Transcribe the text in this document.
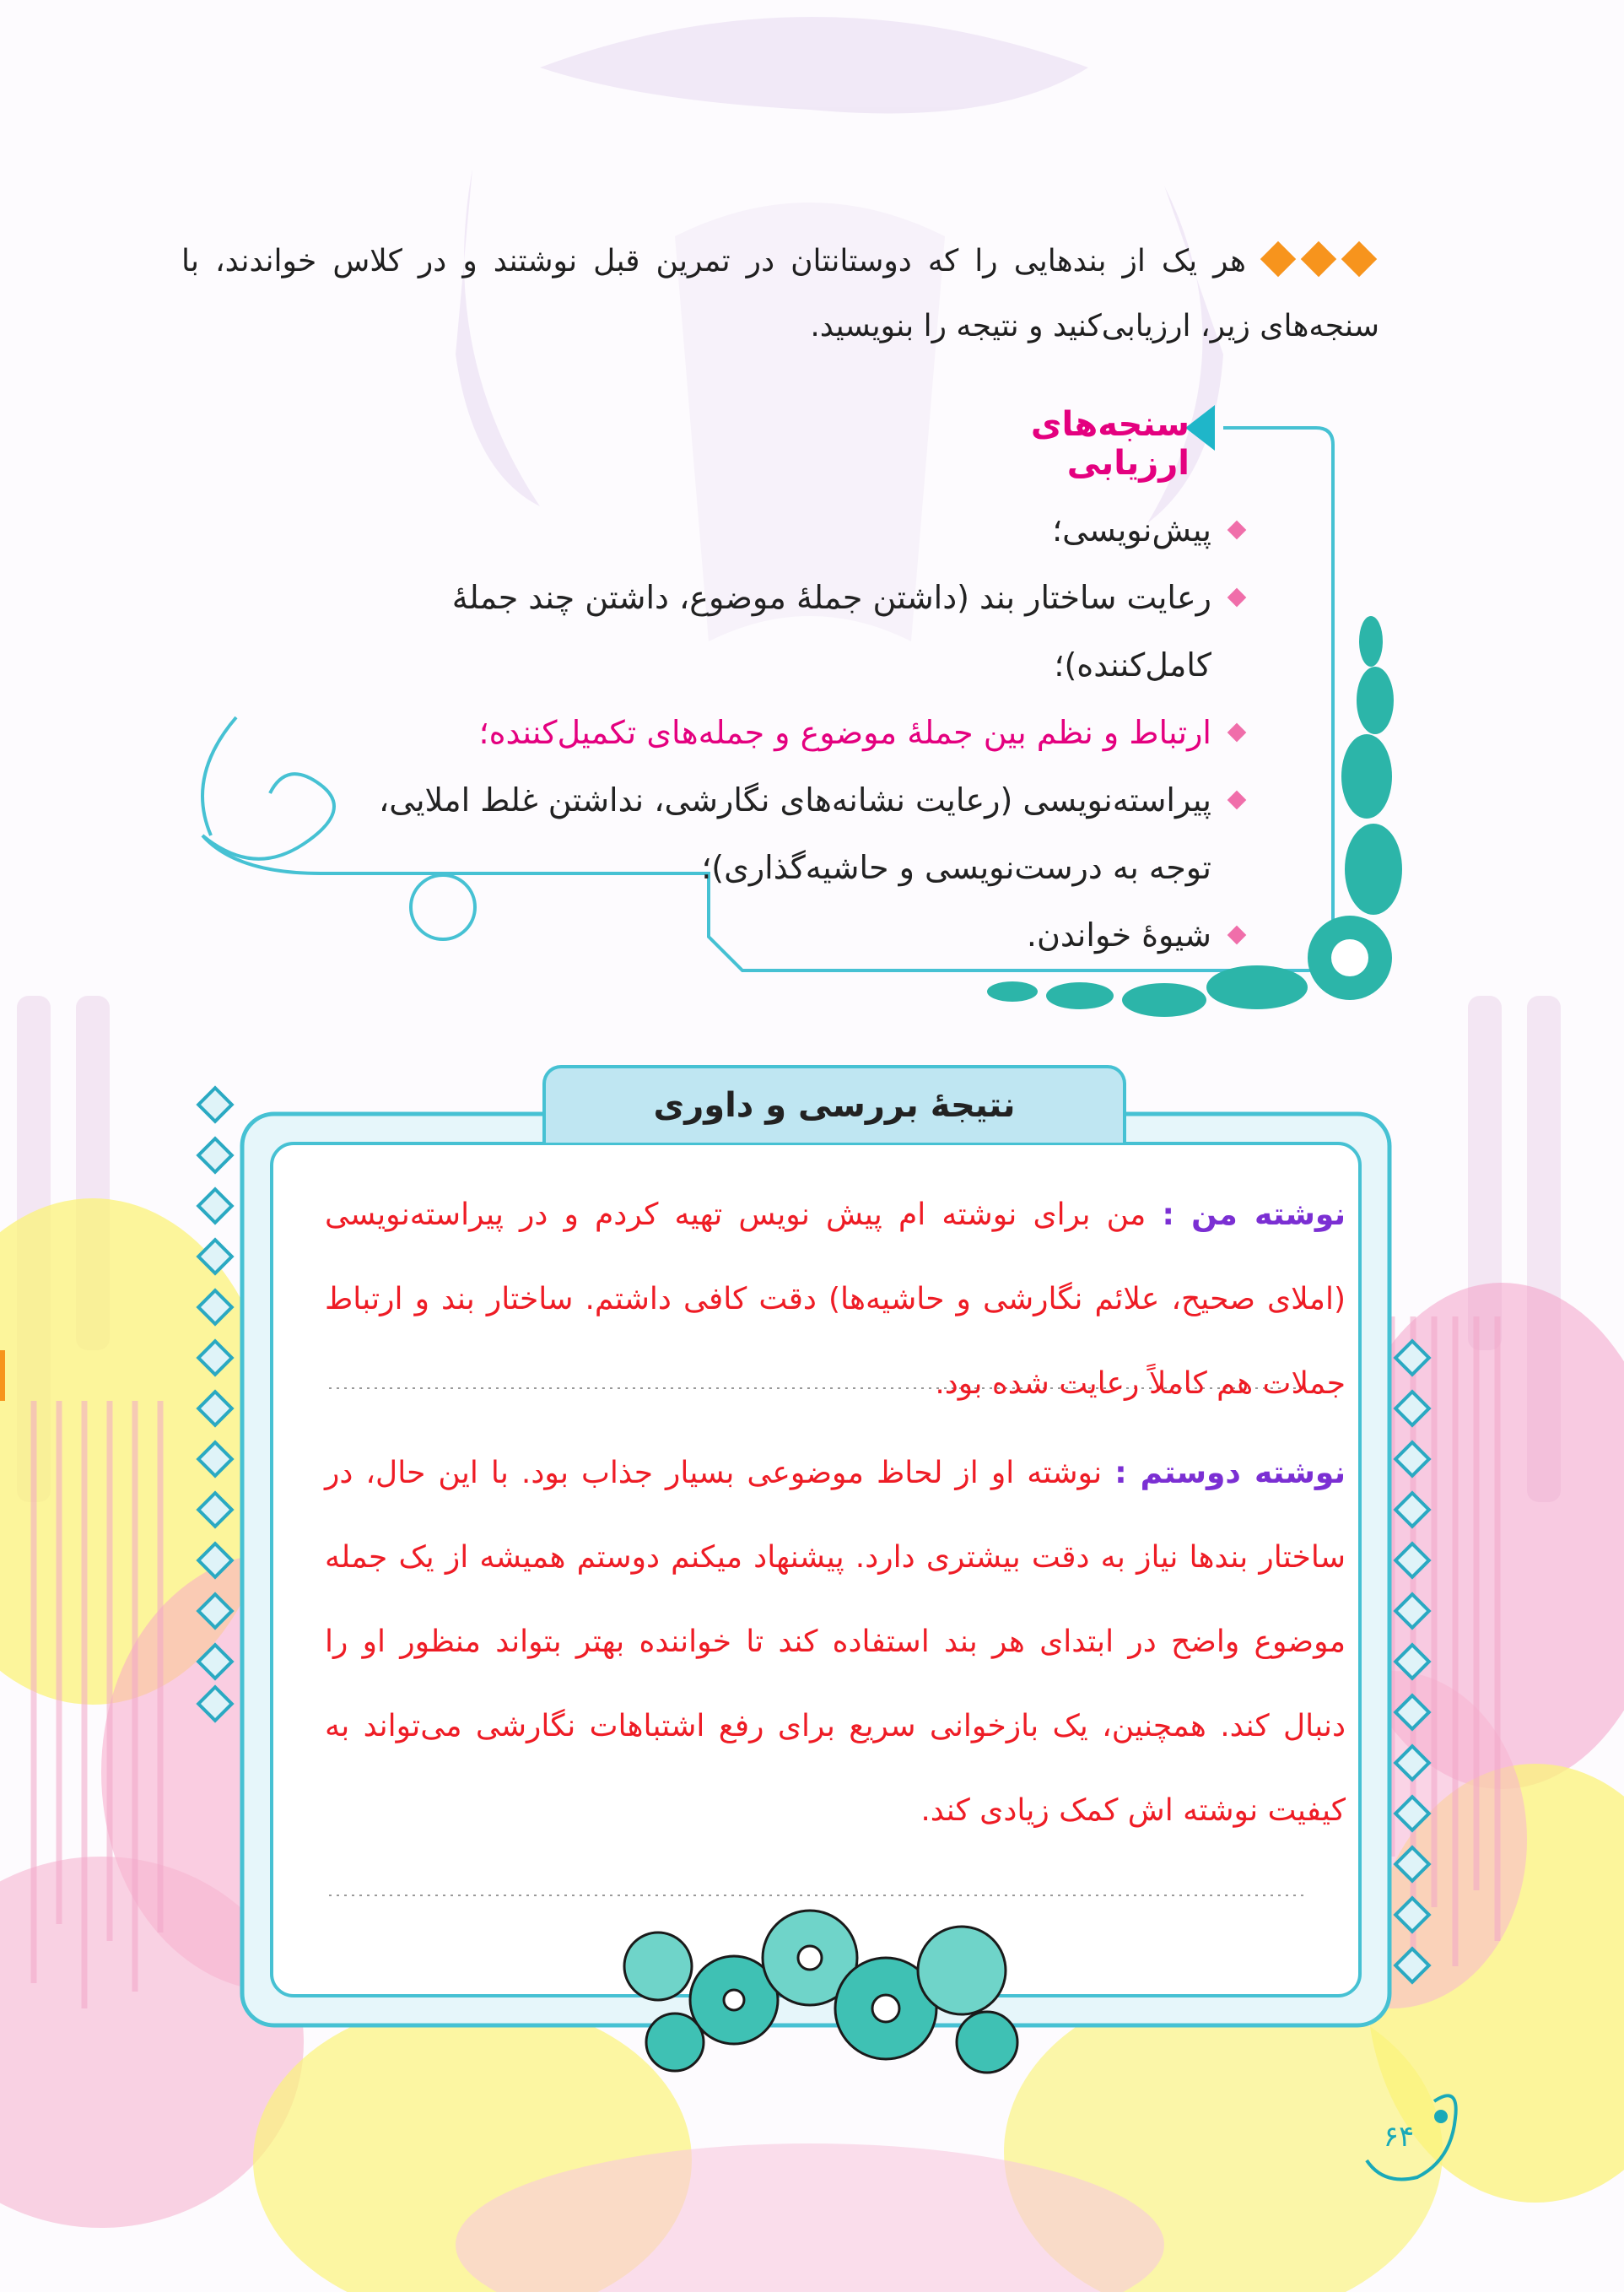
هر یک از بندهایی را که دوستانتان در تمرین قبل نوشتند و در کلاس خواندند، با سنجه‌های زیر، ارزیابی‌کنید و نتیجه را بنویسید.
سنجه‌های ارزیابی
پیش‌نویسی؛
رعایت ساختار بند (داشتن جملۀ موضوع، داشتن چند جملۀ کامل‌کننده)؛
ارتباط و نظم بین جملۀ موضوع و جمله‌های تکمیل‌کننده؛
پیراسته‌نویسی (رعایت نشانه‌های نگارشی، نداشتن غلط املایی، توجه به درست‌نویسی و حاشیه‌گذاری)؛
شیوۀ خواندن.
نتیجۀ بررسی و داوری

نوشته من : من برای نوشته ام پیش نویس تهیه کردم و در پیراسته‌نویسی (املای صحیح، علائم نگارشی و حاشیه‌ها) دقت کافی داشتم. ساختار بند و ارتباط جملات هم کاملاً رعایت شده بود.

نوشته دوستم : نوشته او از لحاظ موضوعی بسیار جذاب بود. با این حال، در ساختار بندها نیاز به دقت بیشتری دارد. پیشنهاد میکنم دوستم همیشه از یک جمله موضوع واضح در ابتدای هر بند استفاده کند تا خواننده بهتر بتواند منظور او را دنبال کند. همچنین، یک بازخوانی سریع برای رفع اشتباهات نگارشی می‌تواند به کیفیت نوشته اش کمک زیادی کند.

۶۴
